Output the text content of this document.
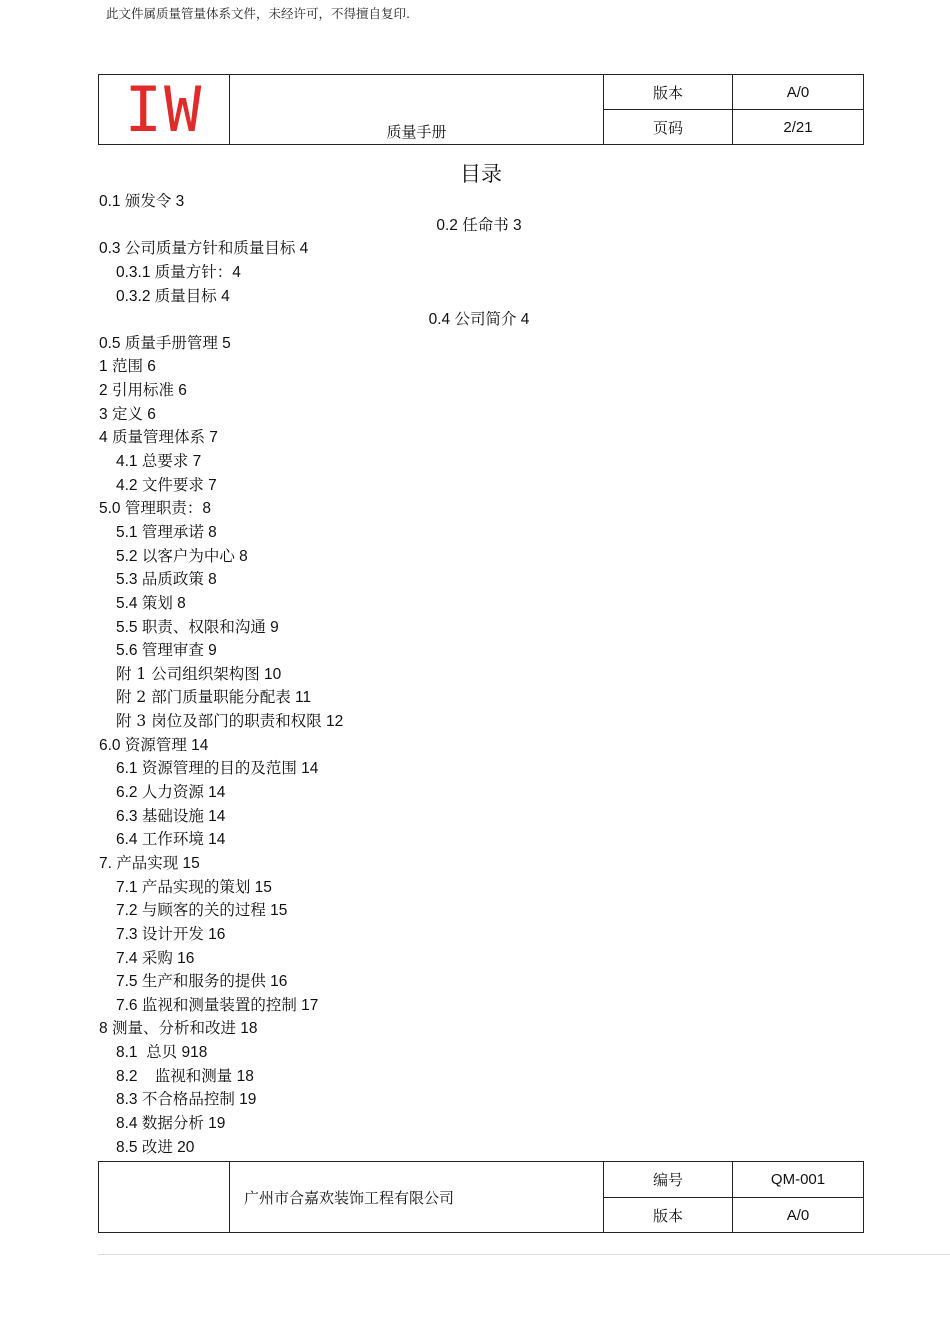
此文件属质量管量体系文件，未经许可，不得擅自复印.
IW	质量手册	版本	A/0
		页码	2/21
目录
0.1 颁发令 3
0.2 任命书 3
0.3 公司质量方针和质量目标 4
0.3.1 质量方针：4
0.3.2 质量目标 4
0.4 公司简介 4
0.5 质量手册管理 5
1 范围 6
2 引用标准 6
3 定义 6
4 质量管理体系 7
4.1 总要求 7
4.2 文件要求 7
5.0 管理职责：8
5.1 管理承诺 8
5.2 以客户为中心 8
5.3 品质政策 8
5.4 策划 8
5.5 职责、权限和沟通 9
5.6 管理审查 9
附 1 公司组织架构图 10
附 2 部门质量职能分配表 11
附 3 岗位及部门的职责和权限 12
6.0 资源管理 14
6.1 资源管理的目的及范围 14
6.2 人力资源 14
6.3 基础设施 14
6.4 工作环境 14
7. 产品实现 15
7.1 产品实现的策划 15
7.2 与顾客的关的过程 15
7.3 设计开发 16
7.4 采购 16
7.5 生产和服务的提供 16
7.6 监视和测量装置的控制 17
8 测量、分析和改进 18
8.1  总贝 918
8.2    监视和测量 18
8.3 不合格品控制 19
8.4 数据分析 19
8.5 改进 20
	广州市合嘉欢装饰工程有限公司	编号	QM-001
		版本	A/0
